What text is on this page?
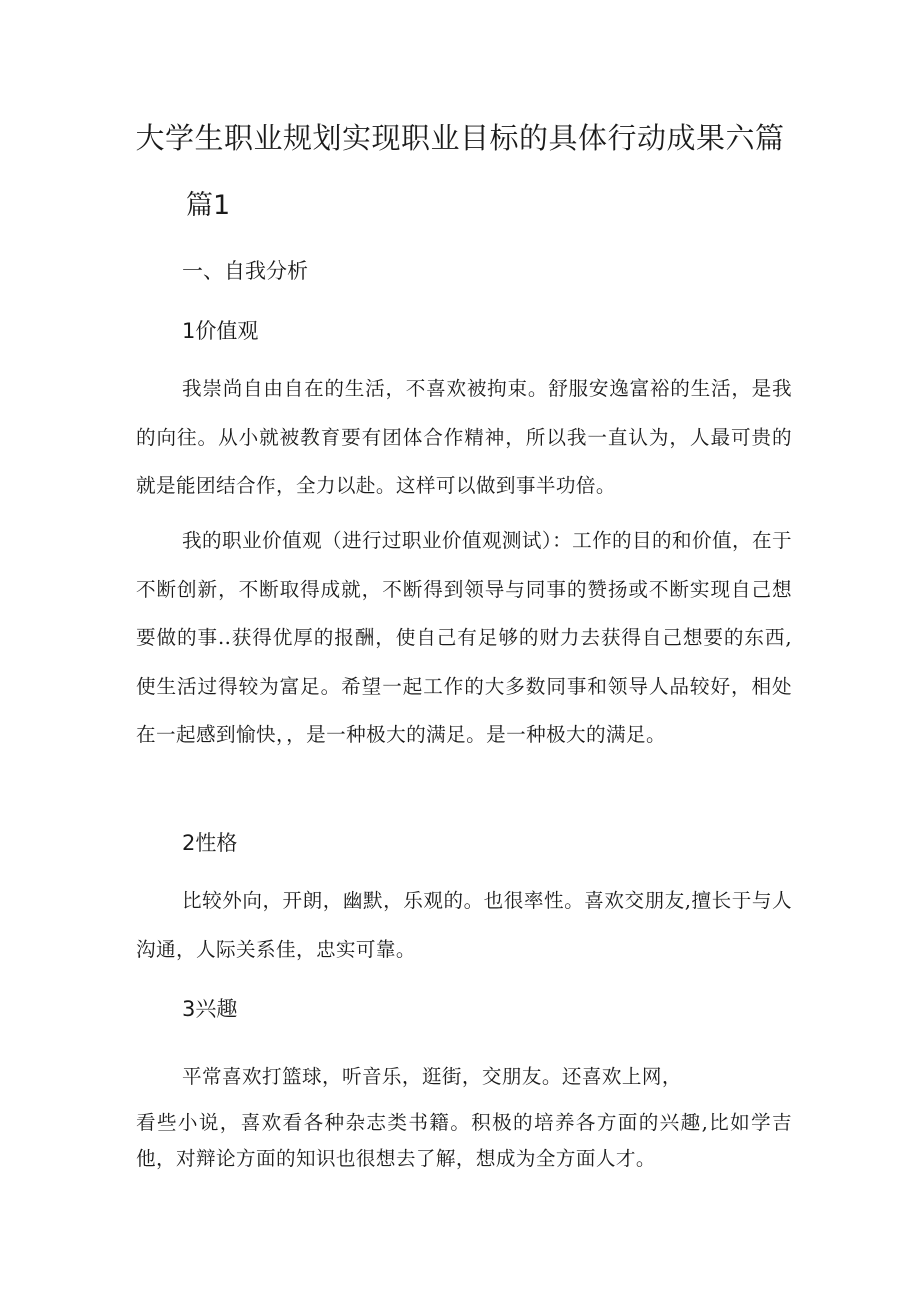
大学生职业规划实现职业目标的具体行动成果六篇
篇1
一、自我分析
1价值观

我崇尚自由自在的生活，不喜欢被拘束。舒服安逸富裕的生活，是我的向往。从小就被教育要有团体合作精神，所以我一直认为，人最可贵的就是能团结合作，全力以赴。这样可以做到事半功倍。

我的职业价值观（进行过职业价值观测试）：工作的目的和价值，在于不断创新，不断取得成就，不断得到领导与同事的赞扬或不断实现自己想要做的事..获得优厚的报酬，使自己有足够的财力去获得自己想要的东西,使生活过得较为富足。希望一起工作的大多数同事和领导人品较好，相处在一起感到愉快，，是一种极大的满足。是一种极大的满足。

2性格

比较外向，开朗，幽默，乐观的。也很率性。喜欢交朋友,擅长于与人沟通，人际关系佳，忠实可靠。

3兴趣

平常喜欢打篮球，听音乐，逛街，交朋友。还喜欢上网，

看些小说，喜欢看各种杂志类书籍。积极的培养各方面的兴趣,比如学吉他，对辩论方面的知识也很想去了解，想成为全方面人才。
